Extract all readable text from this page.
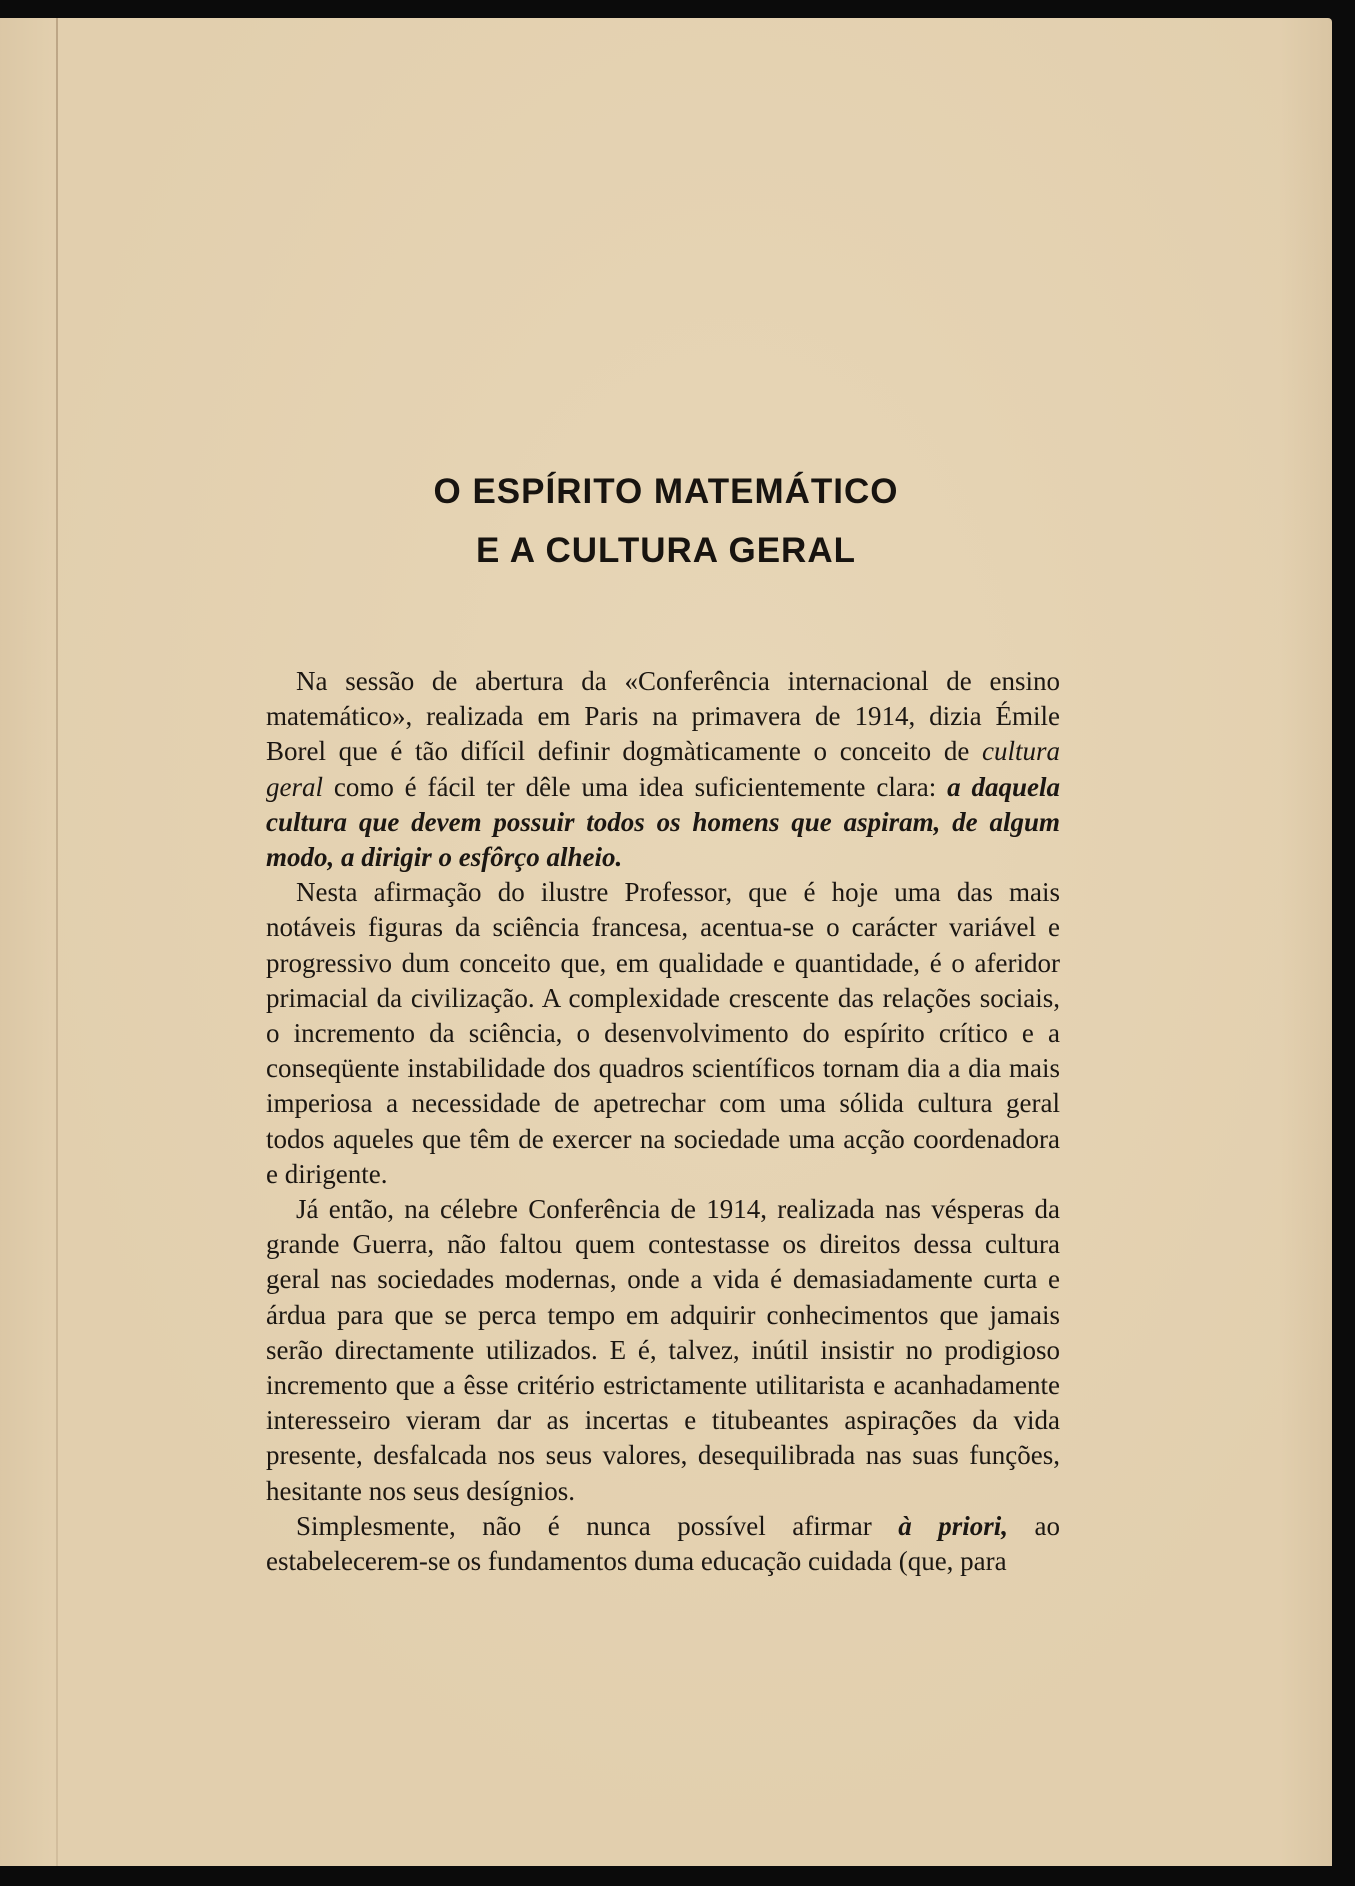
O ESPÍRITO MATEMÁTICO
E A CULTURA GERAL

Na sessão de abertura da «Conferência internacional de ensino matemático», realizada em Paris na primavera de 1914, dizia Émile Borel que é tão difícil definir dogmàticamente o conceito de cultura geral como é fácil ter dêle uma idea suficientemente clara: a daquela cultura que devem possuir todos os homens que aspiram, de algum modo, a dirigir o esfôrço alheio.

Nesta afirmação do ilustre Professor, que é hoje uma das mais notáveis figuras da sciência francesa, acentua-se o carácter variável e progressivo dum conceito que, em qualidade e quantidade, é o aferidor primacial da civilização. A complexidade crescente das relações sociais, o incremento da sciência, o desenvolvimento do espírito crítico e a conseqüente instabilidade dos quadros scientíficos tornam dia a dia mais imperiosa a necessidade de apetrechar com uma sólida cultura geral todos aqueles que têm de exercer na sociedade uma acção coordenadora e dirigente.

Já então, na célebre Conferência de 1914, realizada nas vésperas da grande Guerra, não faltou quem contestasse os direitos dessa cultura geral nas sociedades modernas, onde a vida é demasiadamente curta e árdua para que se perca tempo em adquirir conhecimentos que jamais serão directamente utilizados. E é, talvez, inútil insistir no prodigioso incremento que a êsse critério estrictamente utilitarista e acanhadamente interesseiro vieram dar as incertas e titubeantes aspirações da vida presente, desfalcada nos seus valores, desequilibrada nas suas funções, hesitante nos seus desígnios.

Simplesmente, não é nunca possível afirmar à priori, ao estabelecerem-se os fundamentos duma educação cuidada (que, para
